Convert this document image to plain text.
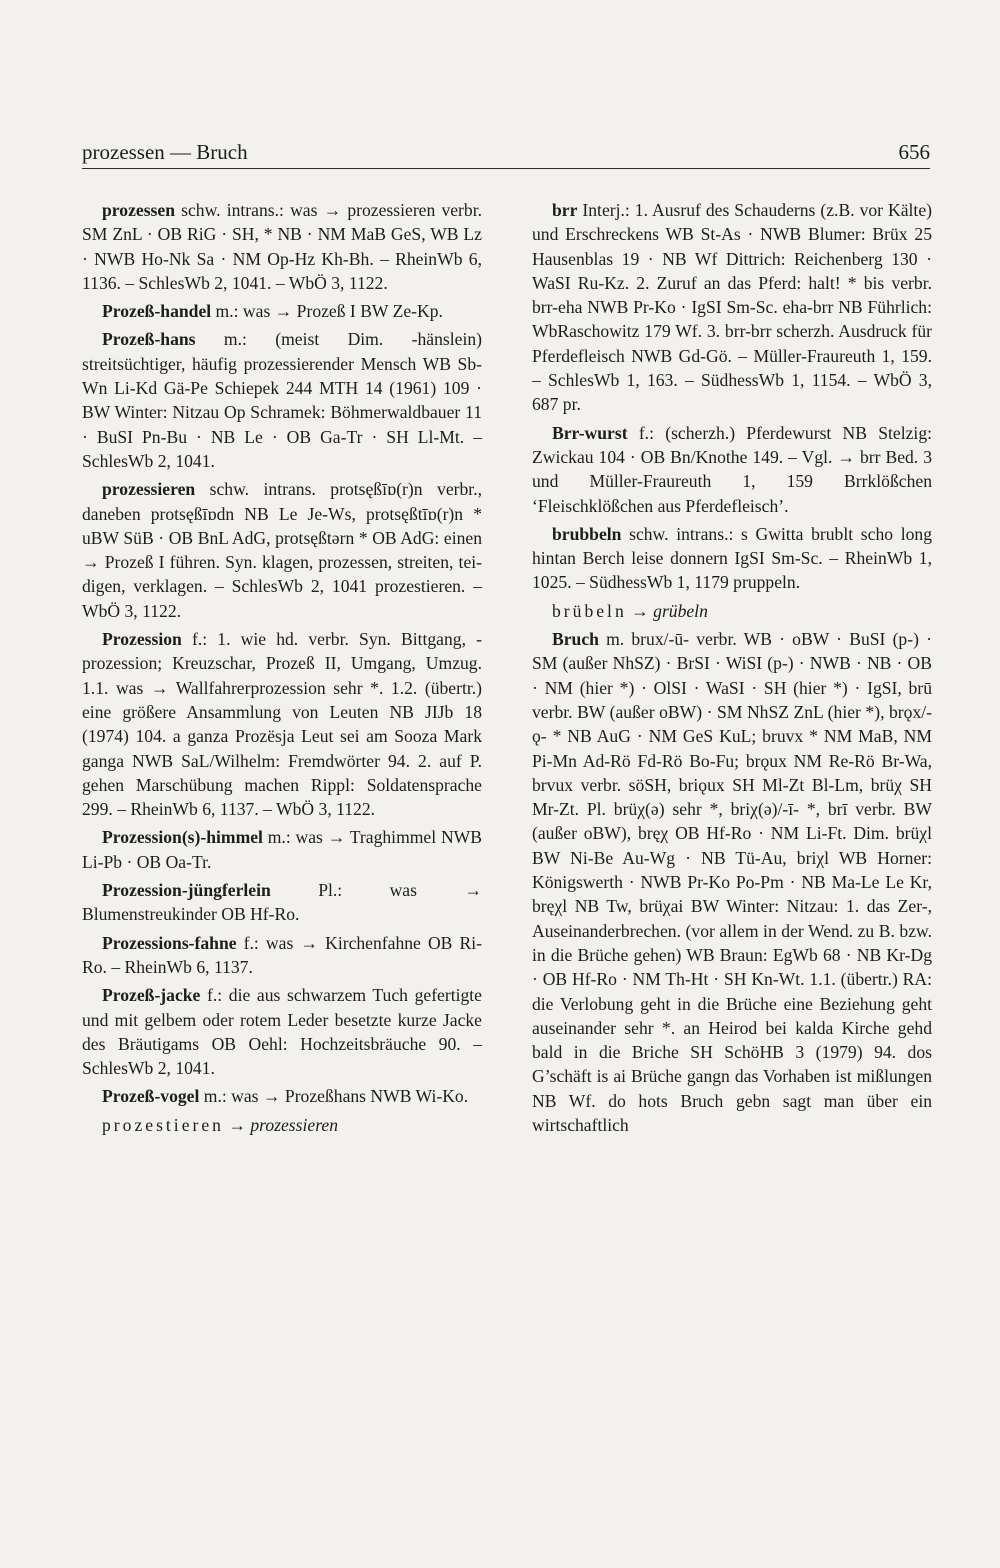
prozessen — Bruch	656

prozessen schw. intrans.: was → prozessieren verbr. SM ZnL · OB RiG · SH, * NB · NM MaB GeS, WB Lz · NWB Ho-Nk Sa · NM Op-Hz Kh-Bh. – RheinWb 6, 1136. – SchlesWb 2, 1041. – WbÖ 3, 1122.

Prozeß-handel m.: was → Prozeß I BW Ze-Kp.

Prozeß-hans m.: (meist Dim. -hänslein) streitsüchtiger, häufig prozessierender Mensch WB Sb-Wn Li-Kd Gä-Pe Schiepek 244 MTH 14 (1961) 109 · BW Winter: Nitzau Op Schramek: Böhmerwaldbauer 11 · BuSI Pn-Bu · NB Le · OB Ga-Tr · SH Ll-Mt. – SchlesWb 2, 1041.

prozessieren schw. intrans. protsęßīɒ(r)n verbr., daneben protsęßīɒdn NB Le Je-Ws, protsęßtīɒ(r)n * uBW SüB · OB BnL AdG, protsęßtərn * OB AdG: einen → Prozeß I führen. Syn. klagen, prozessen, streiten, teidigen, verklagen. – SchlesWb 2, 1041 prozestieren. – WbÖ 3, 1122.

Prozession f.: 1. wie hd. verbr. Syn. Bittgang, -prozession; Kreuzschar, Prozeß II, Umgang, Umzug. 1.1. was → Wallfahrerprozession sehr *. 1.2. (übertr.) eine größere Ansammlung von Leuten NB JIJb 18 (1974) 104. a ganza Prozësja Leut sei am Sooza Mark ganga NWB SaL/Wilhelm: Fremdwörter 94. 2. auf P. gehen Marschübung machen Rippl: Soldatensprache 299. – RheinWb 6, 1137. – WbÖ 3, 1122.

Prozession(s)-himmel m.: was → Traghimmel NWB Li-Pb · OB Oa-Tr.

Prozession-jüngferlein Pl.: was → Blumenstreukinder OB Hf-Ro.

Prozessions-fahne f.: was → Kirchenfahne OB Ri-Ro. – RheinWb 6, 1137.

Prozeß-jacke f.: die aus schwarzem Tuch gefertigte und mit gelbem oder rotem Leder besetzte kurze Jacke des Bräutigams OB Oehl: Hochzeitsbräuche 90. – SchlesWb 2, 1041.

Prozeß-vogel m.: was → Prozeßhans NWB Wi-Ko.

prozestieren → prozessieren

brr Interj.: 1. Ausruf des Schauderns (z.B. vor Kälte) und Erschreckens WB St-As · NWB Blumer: Brüx 25 Hausenblas 19 · NB Wf Dittrich: Reichenberg 130 · WaSI Ru-Kz. 2. Zuruf an das Pferd: halt! * bis verbr. brr-eha NWB Pr-Ko · IgSI Sm-Sc. eha-brr NB Führlich: WbRaschowitz 179 Wf. 3. brr-brr scherzh. Ausdruck für Pferdefleisch NWB Gd-Gö. – Müller-Fraureuth 1, 159. – SchlesWb 1, 163. – SüdhessWb 1, 1154. – WbÖ 3, 687 pr.

Brr-wurst f.: (scherzh.) Pferdewurst NB Stelzig: Zwickau 104 · OB Bn/Knothe 149. – Vgl. → brr Bed. 3 und Müller-Fraureuth 1, 159 Brrklößchen ‘Fleischklößchen aus Pferdefleisch’.

brubbeln schw. intrans.: s Gwitta brublt scho long hintan Berch leise donnern IgSI Sm-Sc. – RheinWb 1, 1025. – SüdhessWb 1, 1179 pruppeln.

brübeln → grübeln

Bruch m. brux/-ū- verbr. WB · oBW · BuSI (p-) · SM (außer NhSZ) · BrSI · WiSI (p-) · NWB · NB · OB · NM (hier *) · OlSI · WaSI · SH (hier *) · IgSI, brū verbr. BW (außer oBW) · SM NhSZ ZnL (hier *), brǫx/-ǫ- * NB AuG · NM GeS KuL; bruvx * NM MaB, NM Pi-Mn Ad-Rö Fd-Rö Bo-Fu; brǫux NM Re-Rö Br-Wa, brvux verbr. söSH, briǫux SH Ml-Zt Bl-Lm, brüχ SH Mr-Zt. Pl. brüχ(ə) sehr *, briχ(ə)/-ī- *, brī verbr. BW (außer oBW), bręχ OB Hf-Ro · NM Li-Ft. Dim. brüχl BW Ni-Be Au-Wg · NB Tü-Au, briχl WB Horner: Königswerth · NWB Pr-Ko Po-Pm · NB Ma-Le Le Kr, bręχl NB Tw, brüχai BW Winter: Nitzau: 1. das Zer-, Auseinanderbrechen. (vor allem in der Wend. zu B. bzw. in die Brüche gehen) WB Braun: EgWb 68 · NB Kr-Dg · OB Hf-Ro · NM Th-Ht · SH Kn-Wt. 1.1. (übertr.) RA: die Verlobung geht in die Brüche eine Beziehung geht auseinander sehr *. an Heirod bei kalda Kirche gehd bald in die Briche SH SchöHB 3 (1979) 94. dos G’schäft is ai Brüche gangn das Vorhaben ist mißlungen NB Wf. do hots Bruch gebn sagt man über ein wirtschaftlich
